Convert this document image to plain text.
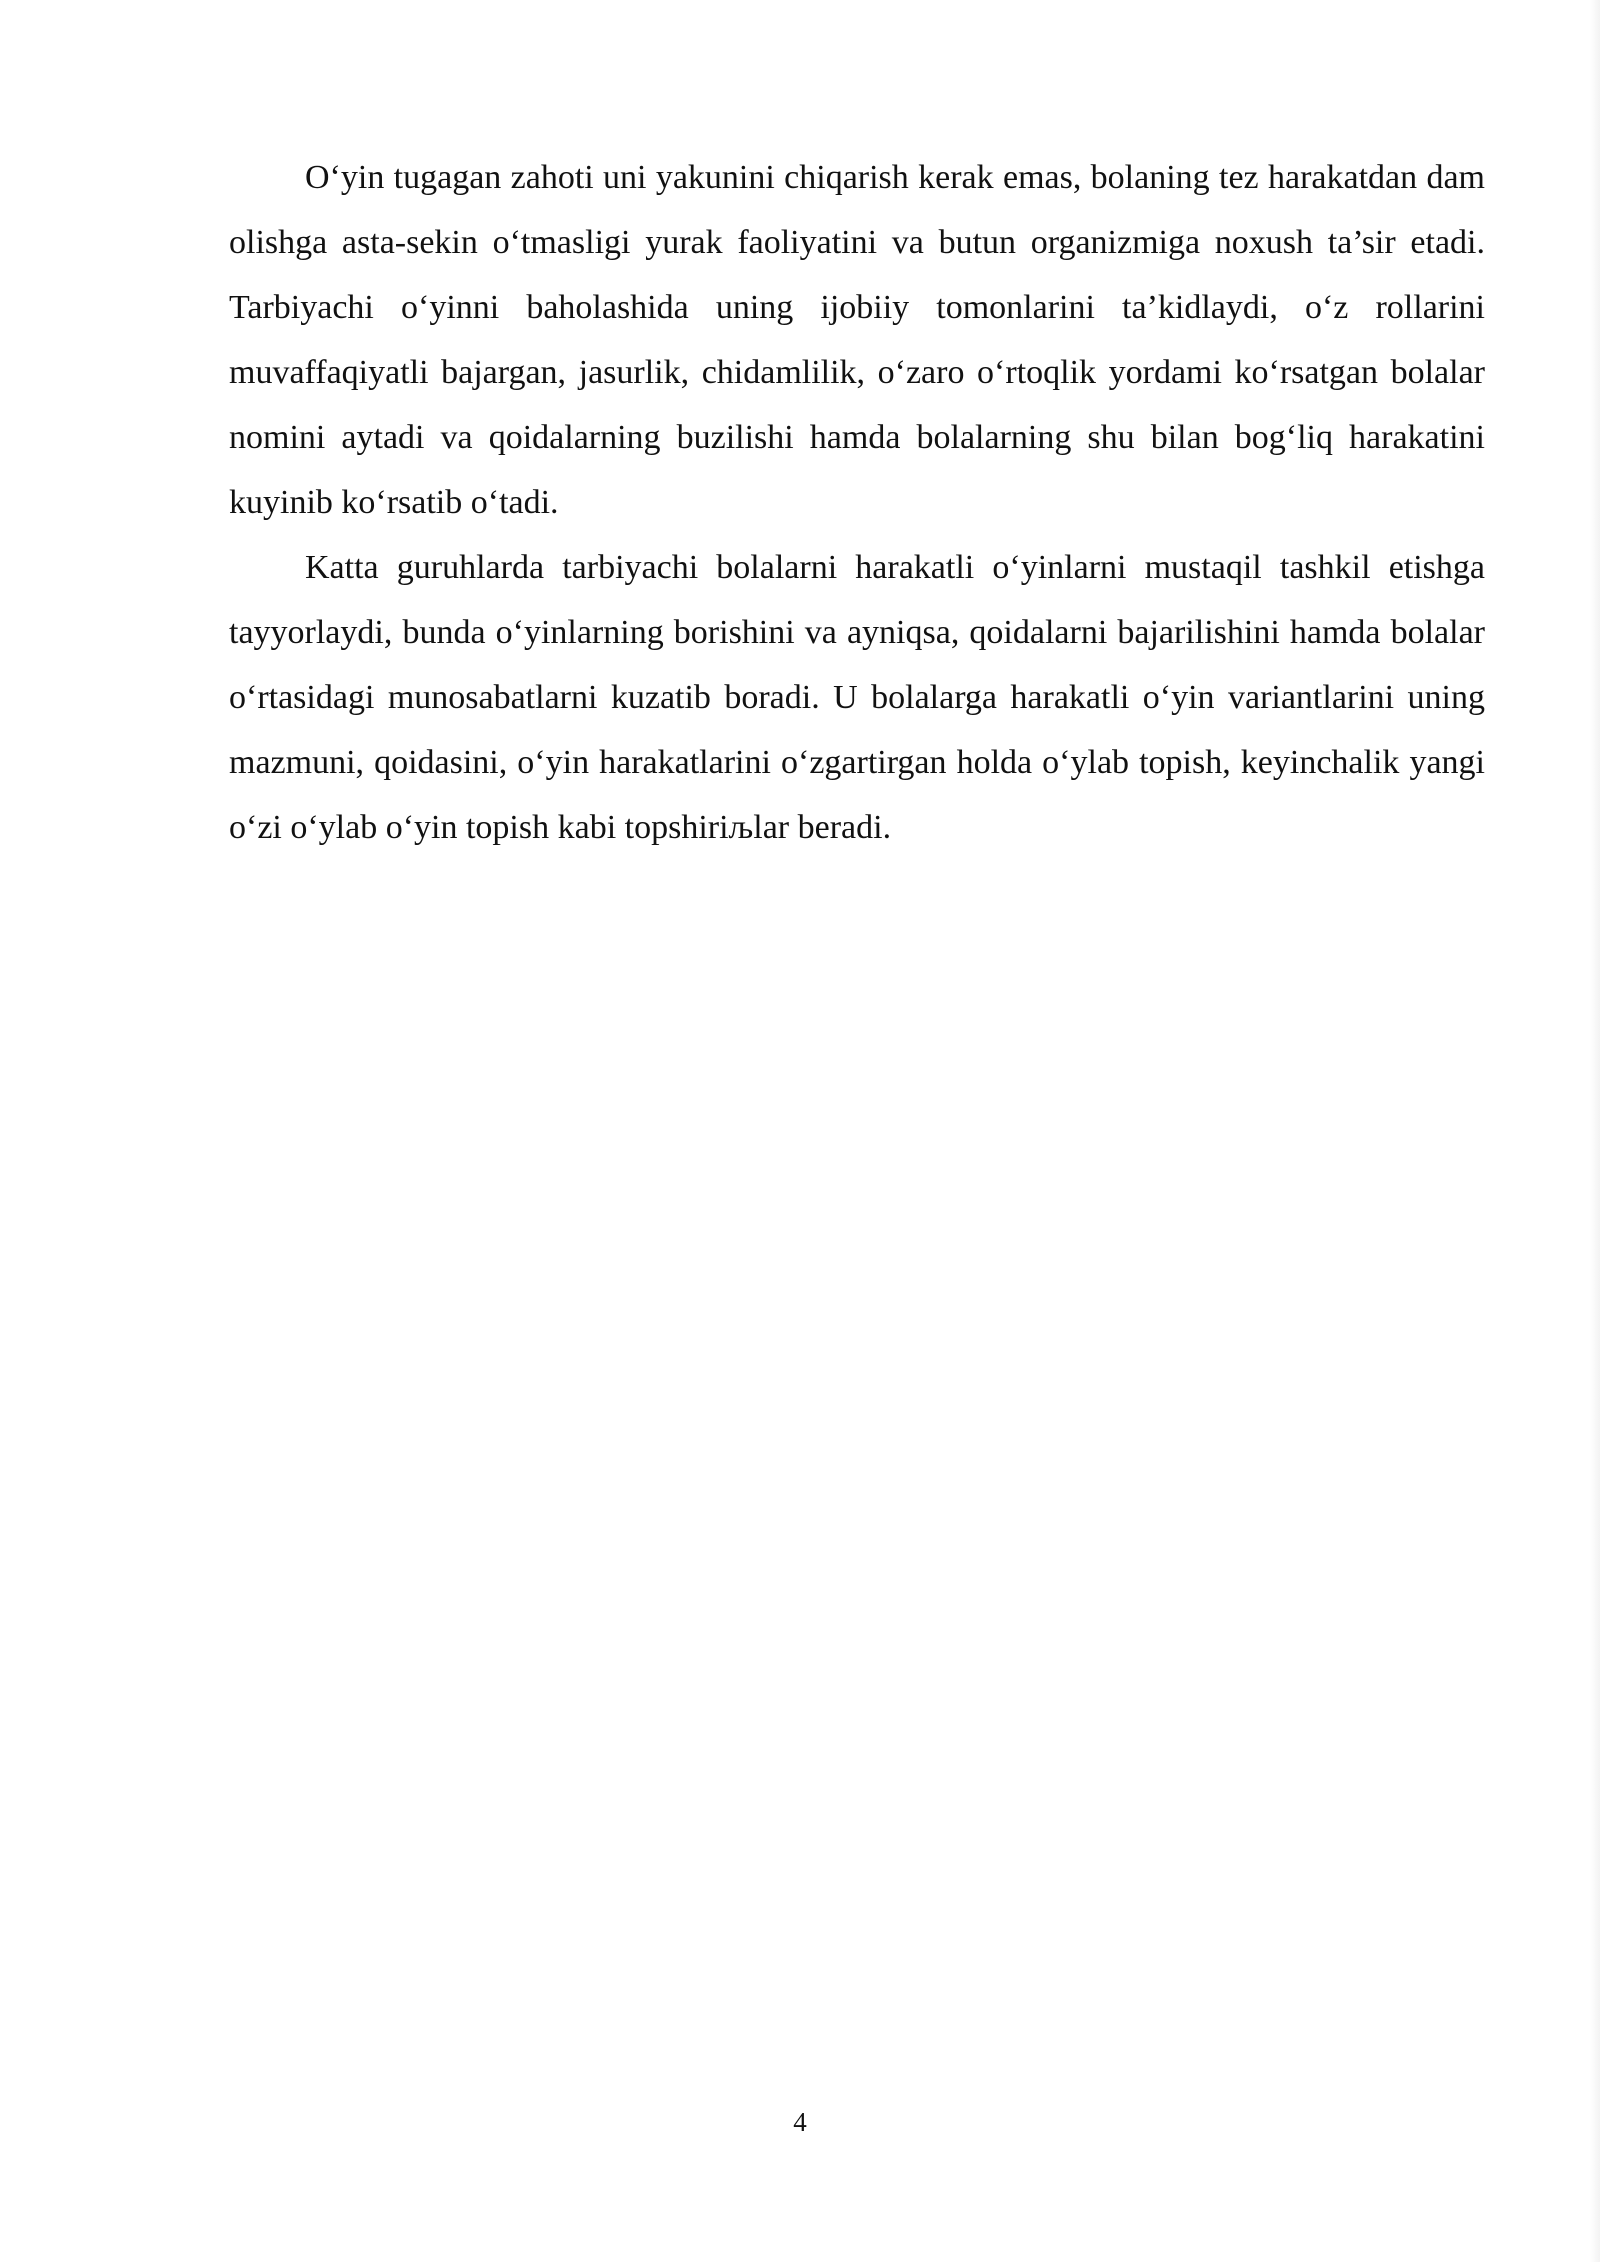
O‘yin tugagan zahoti uni yakunini chiqarish kerak emas, bolaning tez harakatdan dam olishga asta-sekin o‘tmasligi yurak faoliyatini va butun organizmiga noxush ta’sir etadi. Tarbiyachi o‘yinni baholashida uning ijobiiy tomonlarini ta’kidlaydi, o‘z rollarini muvaffaqiyatli bajargan, jasurlik, chidamlilik, o‘zaro o‘rtoqlik yordami ko‘rsatgan bolalar nomini aytadi va qoidalarning buzilishi hamda bolalarning shu bilan bog‘liq harakatini kuyinib ko‘rsatib o‘tadi.

Katta guruhlarda tarbiyachi bolalarni harakatli o‘yinlarni mustaqil tashkil etishga tayyorlaydi, bunda o‘yinlarning borishini va ayniqsa, qoidalarni bajarilishini hamda bolalar o‘rtasidagi munosabatlarni kuzatib boradi. U bolalarga harakatli o‘yin variantlarini uning mazmuni, qoidasini, o‘yin harakatlarini o‘zgartirgan holda o‘ylab topish, keyinchalik yangi o‘zi o‘ylab o‘yin topish kabi topshiriљlar beradi.

4
